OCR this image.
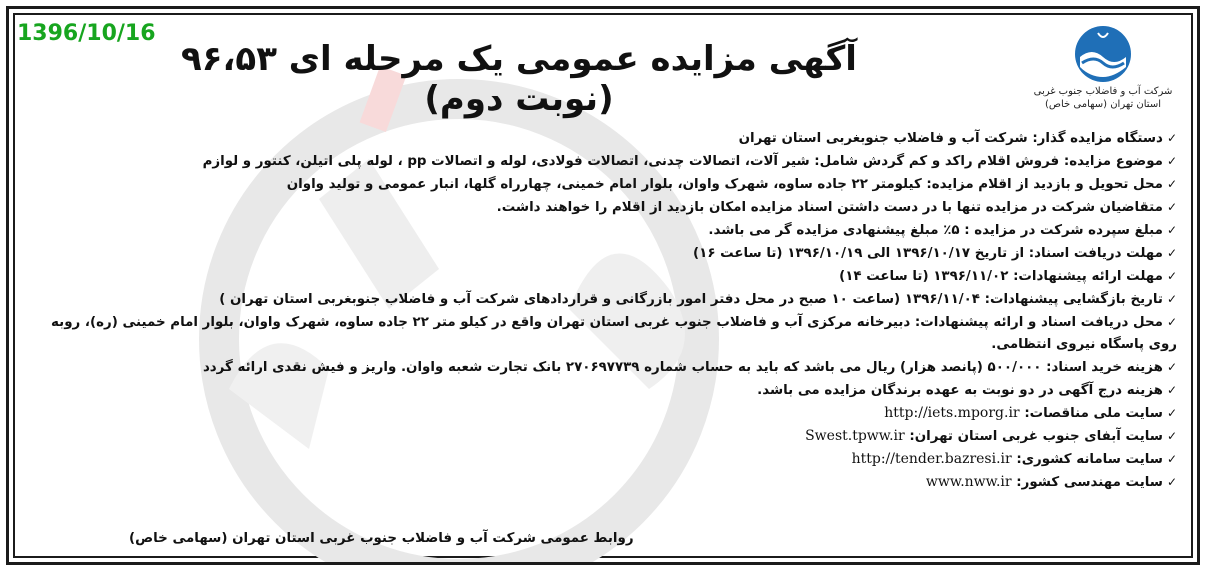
1396/10/16
شرکت آب و فاضلاب جنوب غربی
استان تهران (سهامی خاص)
آگهی مزایده عمومی یک مرحله ای ۹۶،۵۳ (نوبت دوم)

✓دستگاه مزایده گذار: شرکت آب و فاضلاب جنوبغربی استان تهران

✓موضوع مزایده: فروش اقلام راکد و کم گردش شامل: شیر آلات، اتصالات چدنی، اتصالات فولادی، لوله و اتصالات pp ، لوله پلی اتیلن، کنتور و لوازم

✓محل تحویل و بازدید از اقلام مزایده: کیلومتر ۲۲ جاده ساوه، شهرک واوان، بلوار امام خمینی، چهارراه گلها، انبار عمومی و تولید واوان

✓متقاضیان شرکت در مزایده تنها با در دست داشتن اسناد مزایده امکان بازدید از اقلام را خواهند داشت.

✓مبلغ سپرده شرکت در مزایده : ۵٪ مبلغ پیشنهادی مزایده گر می باشد.

✓مهلت دریافت اسناد: از تاریخ ۱۳۹۶/۱۰/۱۷ الی ۱۳۹۶/۱۰/۱۹ (تا ساعت ۱۶)

✓مهلت ارائه پیشنهادات: ۱۳۹۶/۱۱/۰۲ (تا ساعت ۱۴)

✓تاریخ بازگشایی پیشنهادات: ۱۳۹۶/۱۱/۰۴ (ساعت ۱۰ صبح در محل دفتر امور بازرگانی و قراردادهای شرکت آب و فاضلاب جنوبغربی استان تهران )

✓محل دریافت اسناد و ارائه پیشنهادات: دبیرخانه مرکزی آب و فاضلاب جنوب غربی استان تهران واقع در کیلو متر ۲۲ جاده ساوه، شهرک واوان، بلوار امام خمینی (ره)، روبه روی پاسگاه نیروی انتظامی.

✓هزینه خرید اسناد: ۵۰۰/۰۰۰ (پانصد هزار) ریال می باشد که باید به حساب شماره ۲۷۰۶۹۷۷۳۹ بانک تجارت شعبه واوان. واریز و فیش نقدی ارائه گردد

✓هزینه درج آگهی در دو نوبت به عهده برندگان مزایده می باشد.

✓سایت ملی مناقصات: http://iets.mporg.ir

✓سایت آبفای جنوب غربی استان تهران: Swest.tpww.ir

✓سایت سامانه کشوری: http://tender.bazresi.ir

✓سایت مهندسی کشور: www.nww.ir

روابط عمومی شرکت آب و فاضلاب جنوب غربی استان تهران (سهامی خاص)
